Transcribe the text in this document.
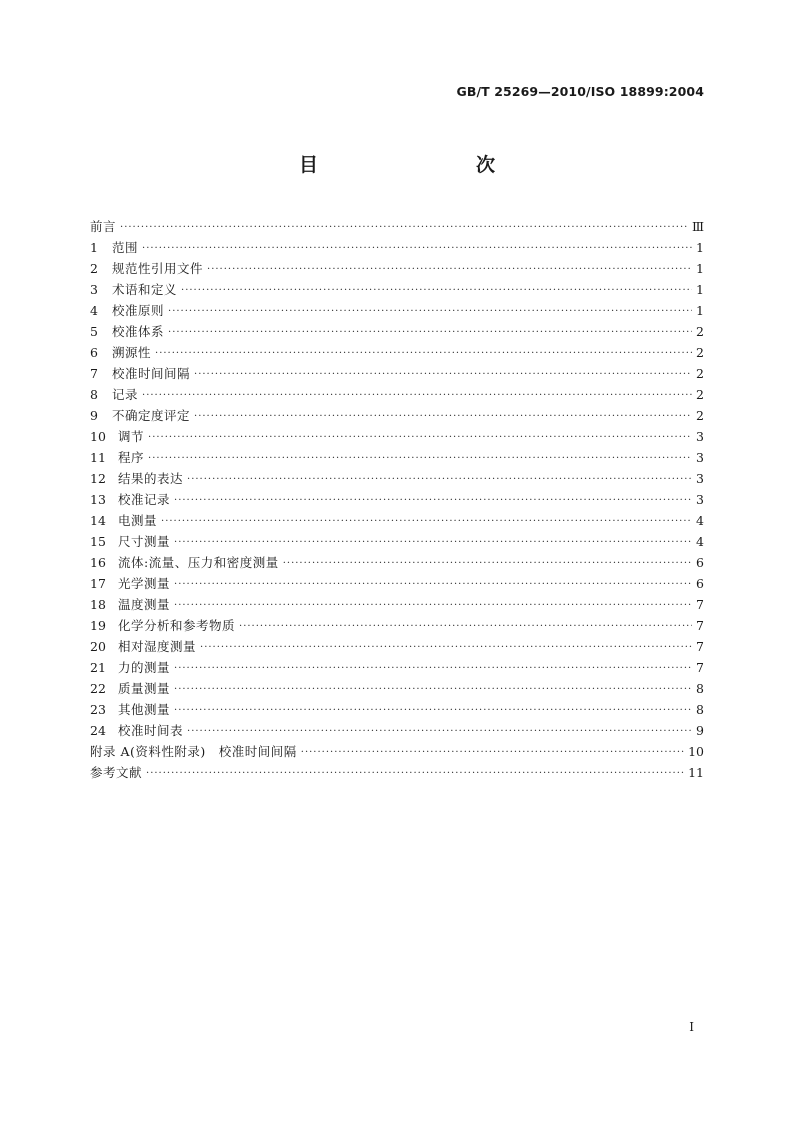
GB/T 25269—2010/ISO 18899:2004
目　　次
前言 ·····	Ⅲ
1	范围 ·····	1
2	规范性引用文件 ·····	1
3	术语和定义 ·····	1
4	校准原则 ·····	1
5	校准体系 ·····	2
6	溯源性 ·····	2
7	校准时间间隔 ·····	2
8	记录 ·····	2
9	不确定度评定 ·····	2
10 调节 ·····	3
11 程序 ·····	3
12 结果的表达 ·····	3
13 校准记录 ·····	3
14 电测量 ·····	4
15 尺寸测量 ·····	4
16 流体:流量、压力和密度测量 ·····	6
17 光学测量 ·····	6
18 温度测量 ·····	7
19 化学分析和参考物质 ·····	7
20 相对湿度测量 ·····	7
21 力的测量 ·····	7
22 质量测量 ·····	8
23 其他测量 ·····	8
24 校准时间表 ·····	9
附录 A(资料性附录)　校准时间间隔 ·····	10
参考文献 ·····	11
I
